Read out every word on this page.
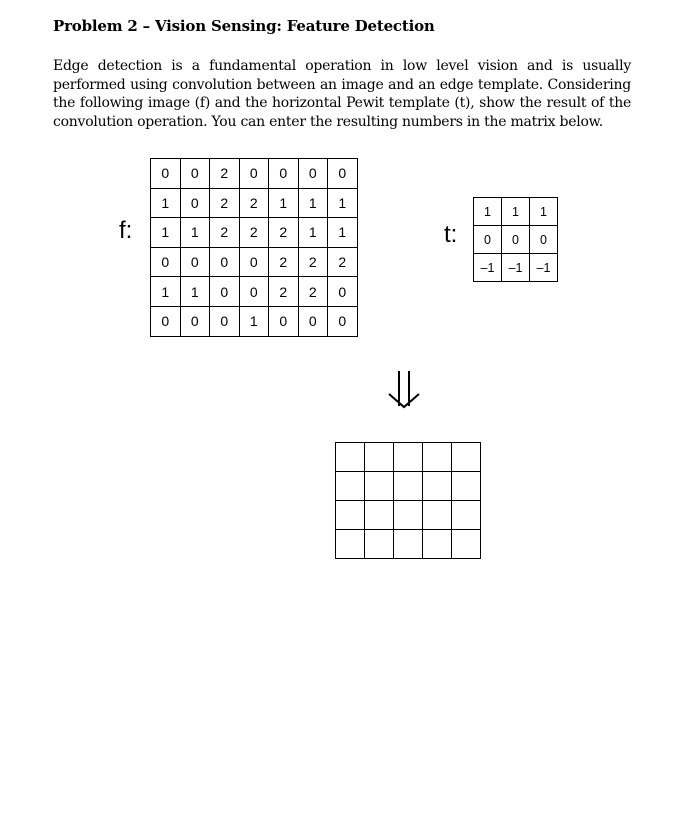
Problem 2 – Vision Sensing: Feature Detection

Edge detection is a fundamental operation in low level vision and is usually performed using convolution between an image and an edge template. Considering the following image (f) and the horizontal Pewit template (t), show the result of the convolution operation. You can enter the resulting numbers in the matrix below.

f:
0	0	2	0	0	0	0
1	0	2	2	1	1	1
1	1	2	2	2	1	1
0	0	0	0	2	2	2
1	1	0	0	2	2	0
0	0	0	1	0	0	0
t:
1	1	1
0	0	0
–1	–1	–1
